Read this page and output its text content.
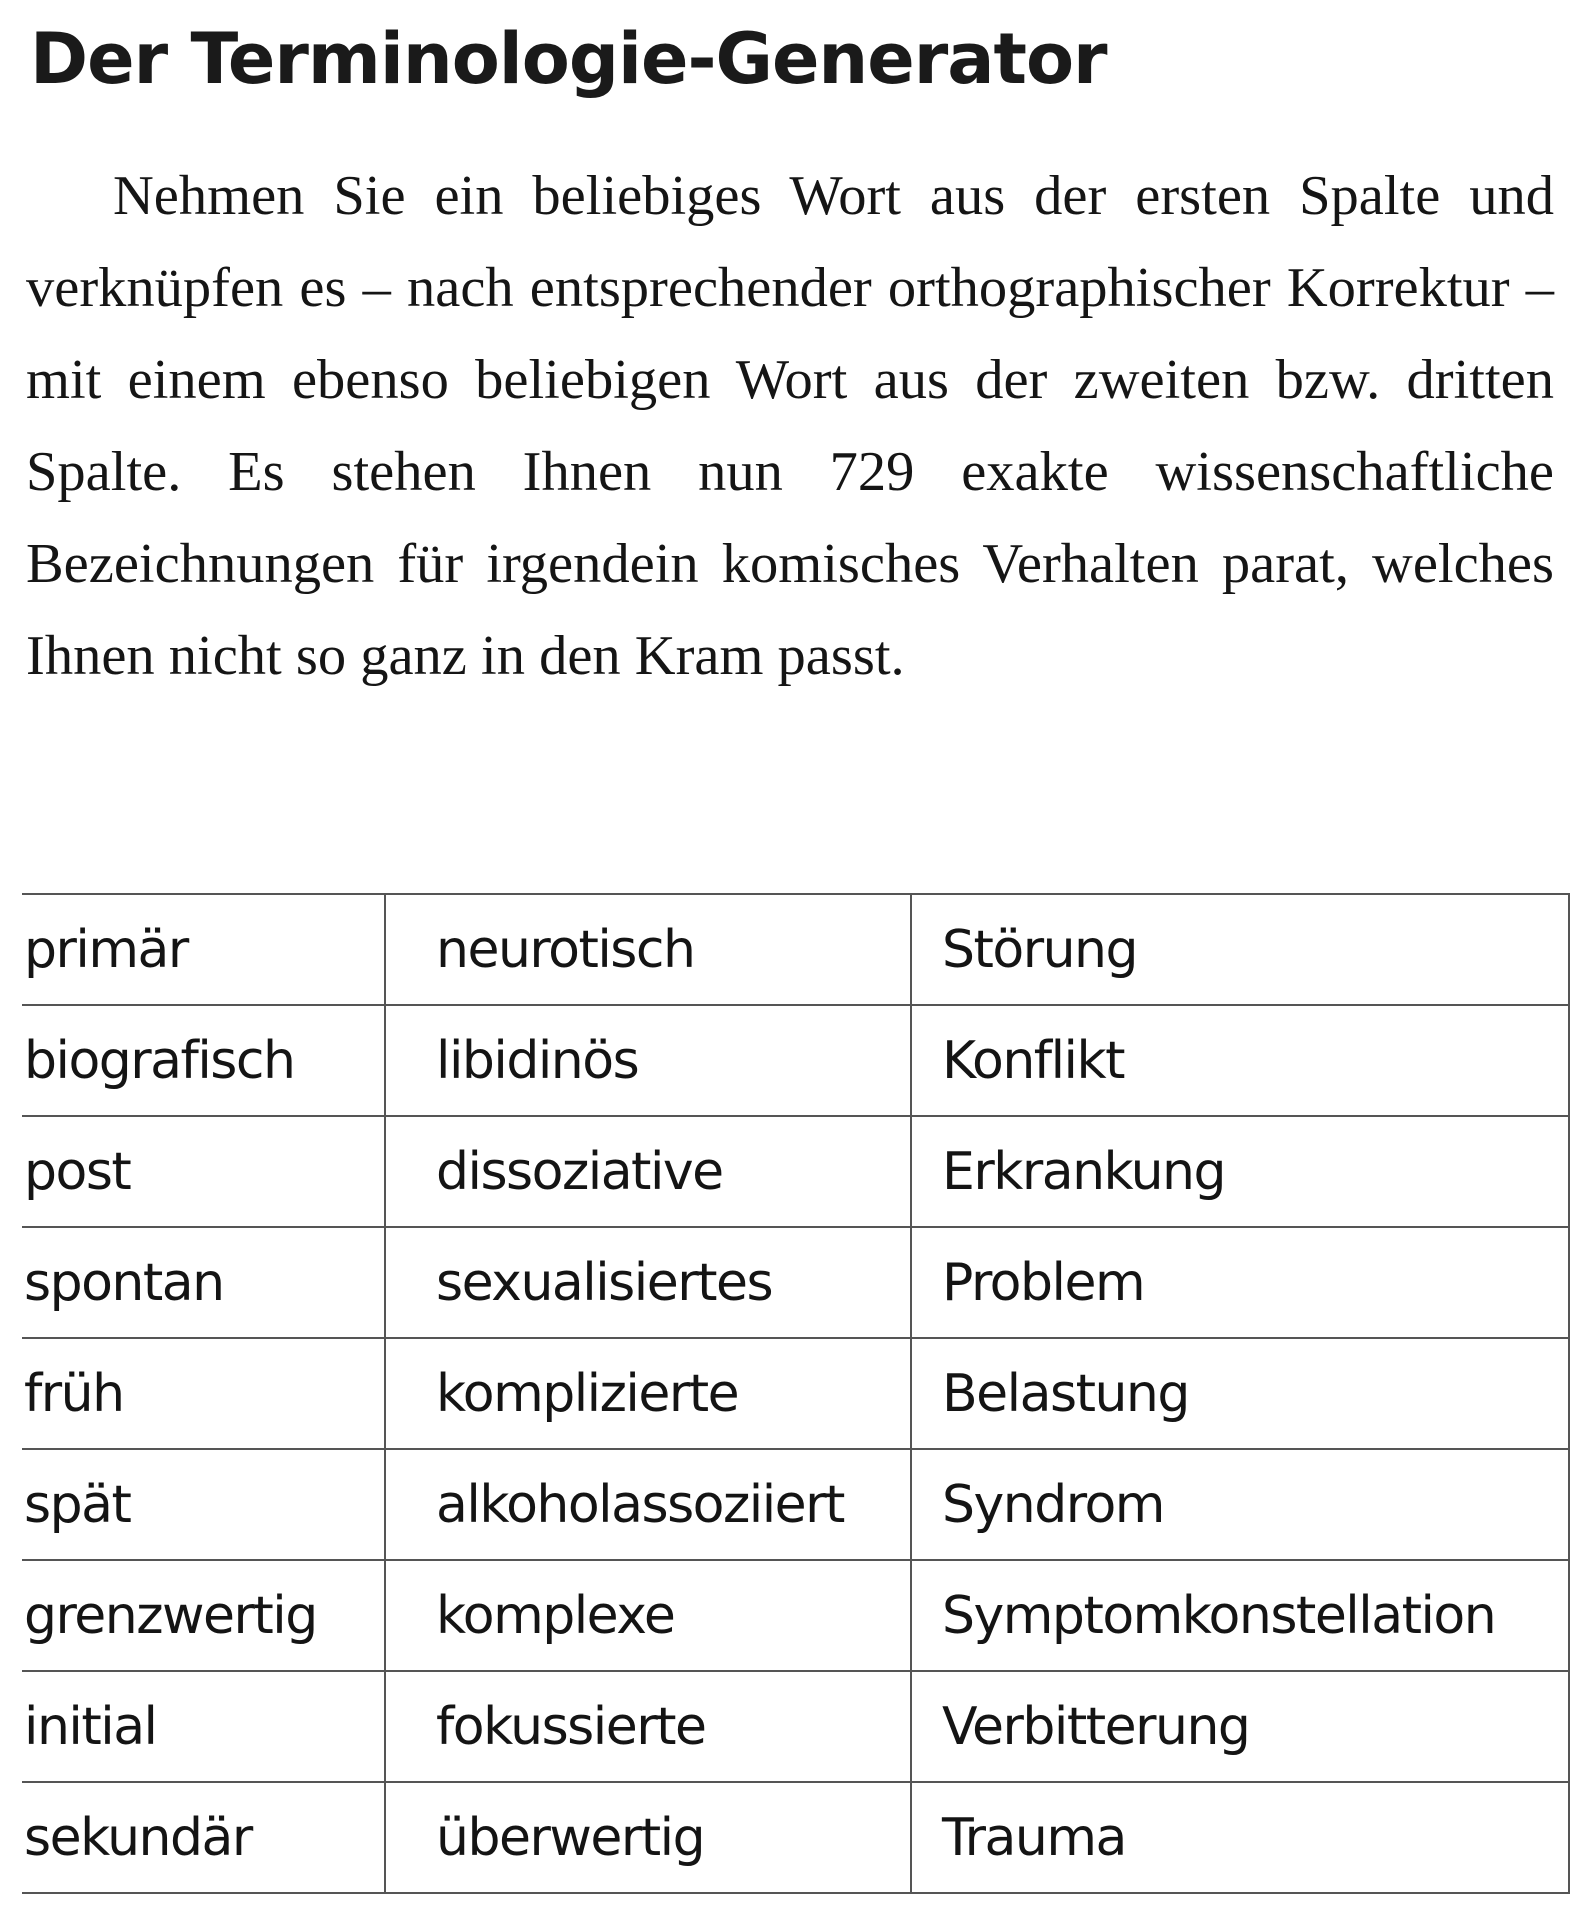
Der Terminologie-Generator

Nehmen Sie ein beliebiges Wort aus der ersten Spalte und verknüpfen es – nach entsprechender orthographischer Korrektur – mit einem ebenso beliebigen Wort aus der zweiten bzw. dritten Spalte. Es stehen Ihnen nun 729 exakte wissenschaftliche Bezeichnungen für irgendein komisches Verhalten parat, welches Ihnen nicht so ganz in den Kram passt.

primär	neurotisch	Störung
biografisch	libidinös	Konflikt
post	dissoziative	Erkrankung
spontan	sexualisiertes	Problem
früh	komplizierte	Belastung
spät	alkoholassoziiert	Syndrom
grenzwertig	komplexe	Symptomkonstellation
initial	fokussierte	Verbitterung
sekundär	überwertig	Trauma
